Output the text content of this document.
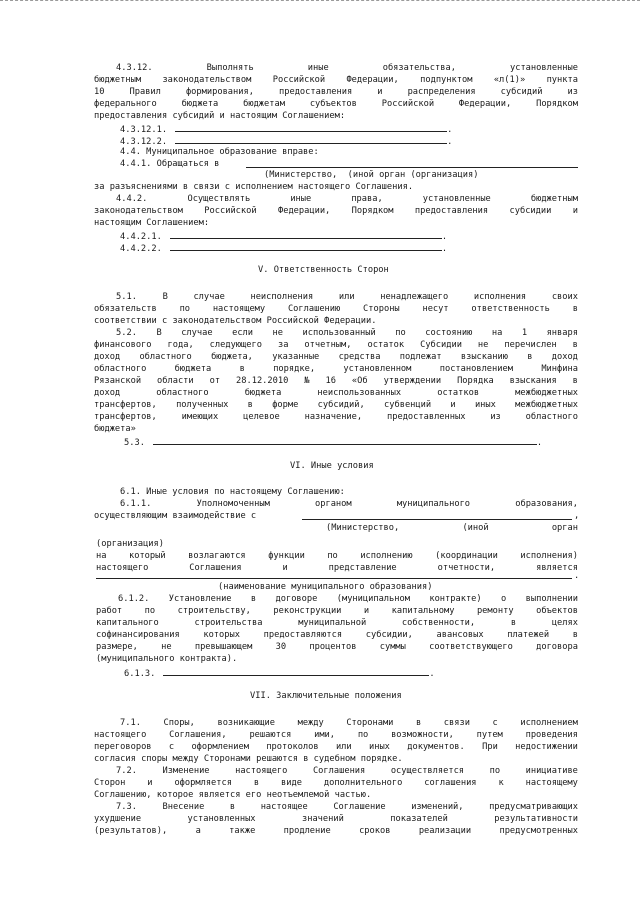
4.3.12.	Выполнять	иные	обязательства,	установленные
бюджетным законодательством Российской Федерации, подпунктом «л(1)» пункта
10	Правил	формирования,	предоставления	и	распределения	субсидий	из
федерального	бюджета	бюджетам	субъектов	Российской	Федерации,	Порядком
предоставления субсидий и настоящим Соглашением:
4.3.12.1.	.
4.3.12.2.	.
4.4. Муниципальное образование вправе:
4.4.1. Обращаться в
(Министерство,  (иной орган (организация)
за разъяснениями в связи с исполнением настоящего Соглашения.
4.4.2.	Осуществлять	иные	права,	установленные	бюджетным
законодательством Российской Федерации, Порядком предоставления субсидии и
настоящим Соглашением:
4.4.2.1.	.
4.4.2.2.	.
V. Ответственность Сторон
5.1.	В	случае	неисполнения	или	ненадлежащего	исполнения	своих
обязательств	по	настоящему	Соглашению	Стороны	несут	ответственность	в
соответствии с законодательством Российской Федерации.
5.2. В случае если не использованный по состоянию на 1 января
финансового года, следующего за отчетным, остаток Субсидии не перечислен в
доход областного бюджета, указанные средства подлежат взысканию в доход
областного	бюджета	в	порядке,	установленном	постановлением	Минфина
Рязанской области от 28.12.2010 № 16 «Об утверждении Порядка взыскания в
доход	областного	бюджета	неиспользованных	остатков	межбюджетных
трансфертов, полученных в форме субсидий, субвенций и иных межбюджетных
трансфертов,	имеющих	целевое	назначение,	предоставленных	из	областного
бюджета»
5.3.	.
VI. Иные условия
6.1. Иные условия по настоящему Соглашению:
6.1.1.	Уполномоченным	органом	муниципального	образования,
осуществляющим взаимодействие с	,
(Министерство,	(иной	орган
(организация)
на	который	возлагаются	функции	по	исполнению	(координации	исполнения)
настоящего	Соглашения	и	представление	отчетности,	является
.
(наименование муниципального образования)
6.1.2. Установление в договоре (муниципальном контракте) о выполнении
работ	по	строительству,	реконструкции	и	капитальному	ремонту	объектов
капитального	строительства	муниципальной	собственности,	в	целях
софинансирования	которых	предоставляются	субсидии,	авансовых	платежей	в
размере,	не	превышающем	30	процентов	суммы	соответствующего	договора
(муниципального контракта).
6.1.3.	.
VII. Заключительные положения
7.1.	Споры,	возникающие	между	Сторонами	в	связи	с	исполнением
настоящего	Соглашения,	решаются	ими,	по	возможности,	путем	проведения
переговоров с оформлением протоколов или иных документов. При недостижении
согласия споры между Сторонами решаются в судебном порядке.
7.2.	Изменение	настоящего	Соглашения	осуществляется	по	инициативе
Сторон	и	оформляется	в	виде	дополнительного	соглашения	к	настоящему
Соглашению, которое является его неотъемлемой частью.
7.3.	Внесение	в	настоящее	Соглашение	изменений,	предусматривающих
ухудшение	установленных	значений	показателей	результативности
(результатов),	а	также	продление	сроков	реализации	предусмотренных
